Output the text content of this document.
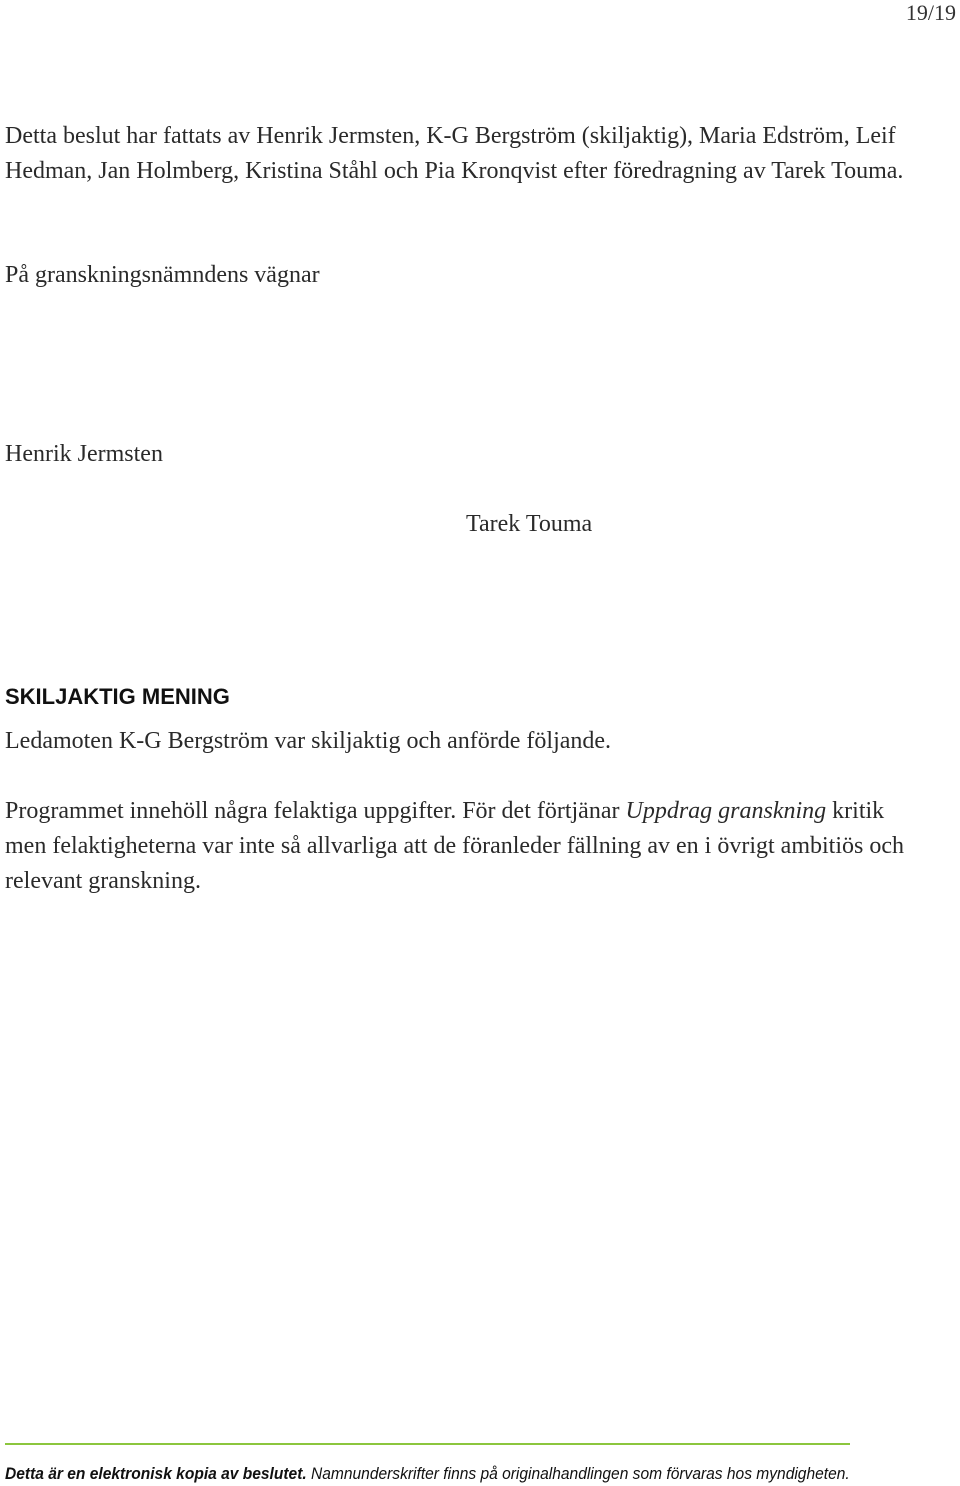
19/19

Detta beslut har fattats av Henrik Jermsten, K-G Bergström (skiljaktig), Maria Edström, Leif Hedman, Jan Holmberg, Kristina Ståhl och Pia Kronqvist efter föredragning av Tarek Touma.

På granskningsnämndens vägnar

Henrik Jermsten

Tarek Touma

SKILJAKTIG MENING

Ledamoten K-G Bergström var skiljaktig och anförde följande.

Programmet innehöll några felaktiga uppgifter. För det förtjänar Uppdrag granskning kritik men felaktigheterna var inte så allvarliga att de föranleder fällning av en i övrigt ambitiös och relevant granskning.

Detta är en elektronisk kopia av beslutet. Namnunderskrifter finns på originalhandlingen som förvaras hos myndigheten.
